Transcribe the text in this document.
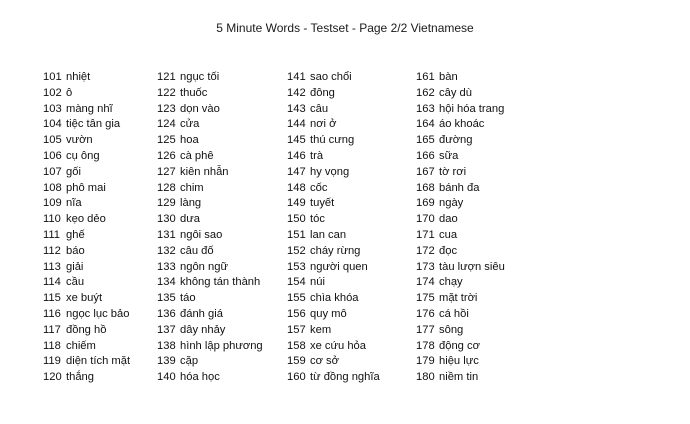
5 Minute Words - Testset - Page 2/2 Vietnamese
101 nhiệt
102 ô
103 màng nhĩ
104 tiệc tân gia
105 vườn
106 cụ ông
107 gối
108 phô mai
109 nĩa
110 kẹo dẻo
111 ghế
112 báo
113 giải
114 cầu
115 xe buýt
116 ngọc lục bảo
117 đồng hồ
118 chiếm
119 diện tích mặt
120 thắng
121 ngục tối
122 thuốc
123 dọn vào
124 cửa
125 hoa
126 cà phê
127 kiên nhẫn
128 chim
129 làng
130 dưa
131 ngôi sao
132 câu đố
133 ngôn ngữ
134 không tán thành
135 táo
136 đánh giá
137 dây nhảy
138 hình lập phương
139 cặp
140 hóa học
141 sao chổi
142 đông
143 câu
144 nơi ở
145 thú cưng
146 trà
147 hy vọng
148 cốc
149 tuyết
150 tóc
151 lan can
152 cháy rừng
153 người quen
154 núi
155 chìa khóa
156 quy mô
157 kem
158 xe cứu hỏa
159 cơ sở
160 từ đồng nghĩa
161 bàn
162 cây dù
163 hội hóa trang
164 áo khoác
165 đường
166 sữa
167 tờ rơi
168 bánh đa
169 ngày
170 dao
171 cua
172 đọc
173 tàu lượn siêu
174 chạy
175 mặt trời
176 cá hồi
177 sông
178 động cơ
179 hiệu lực
180 niềm tin
